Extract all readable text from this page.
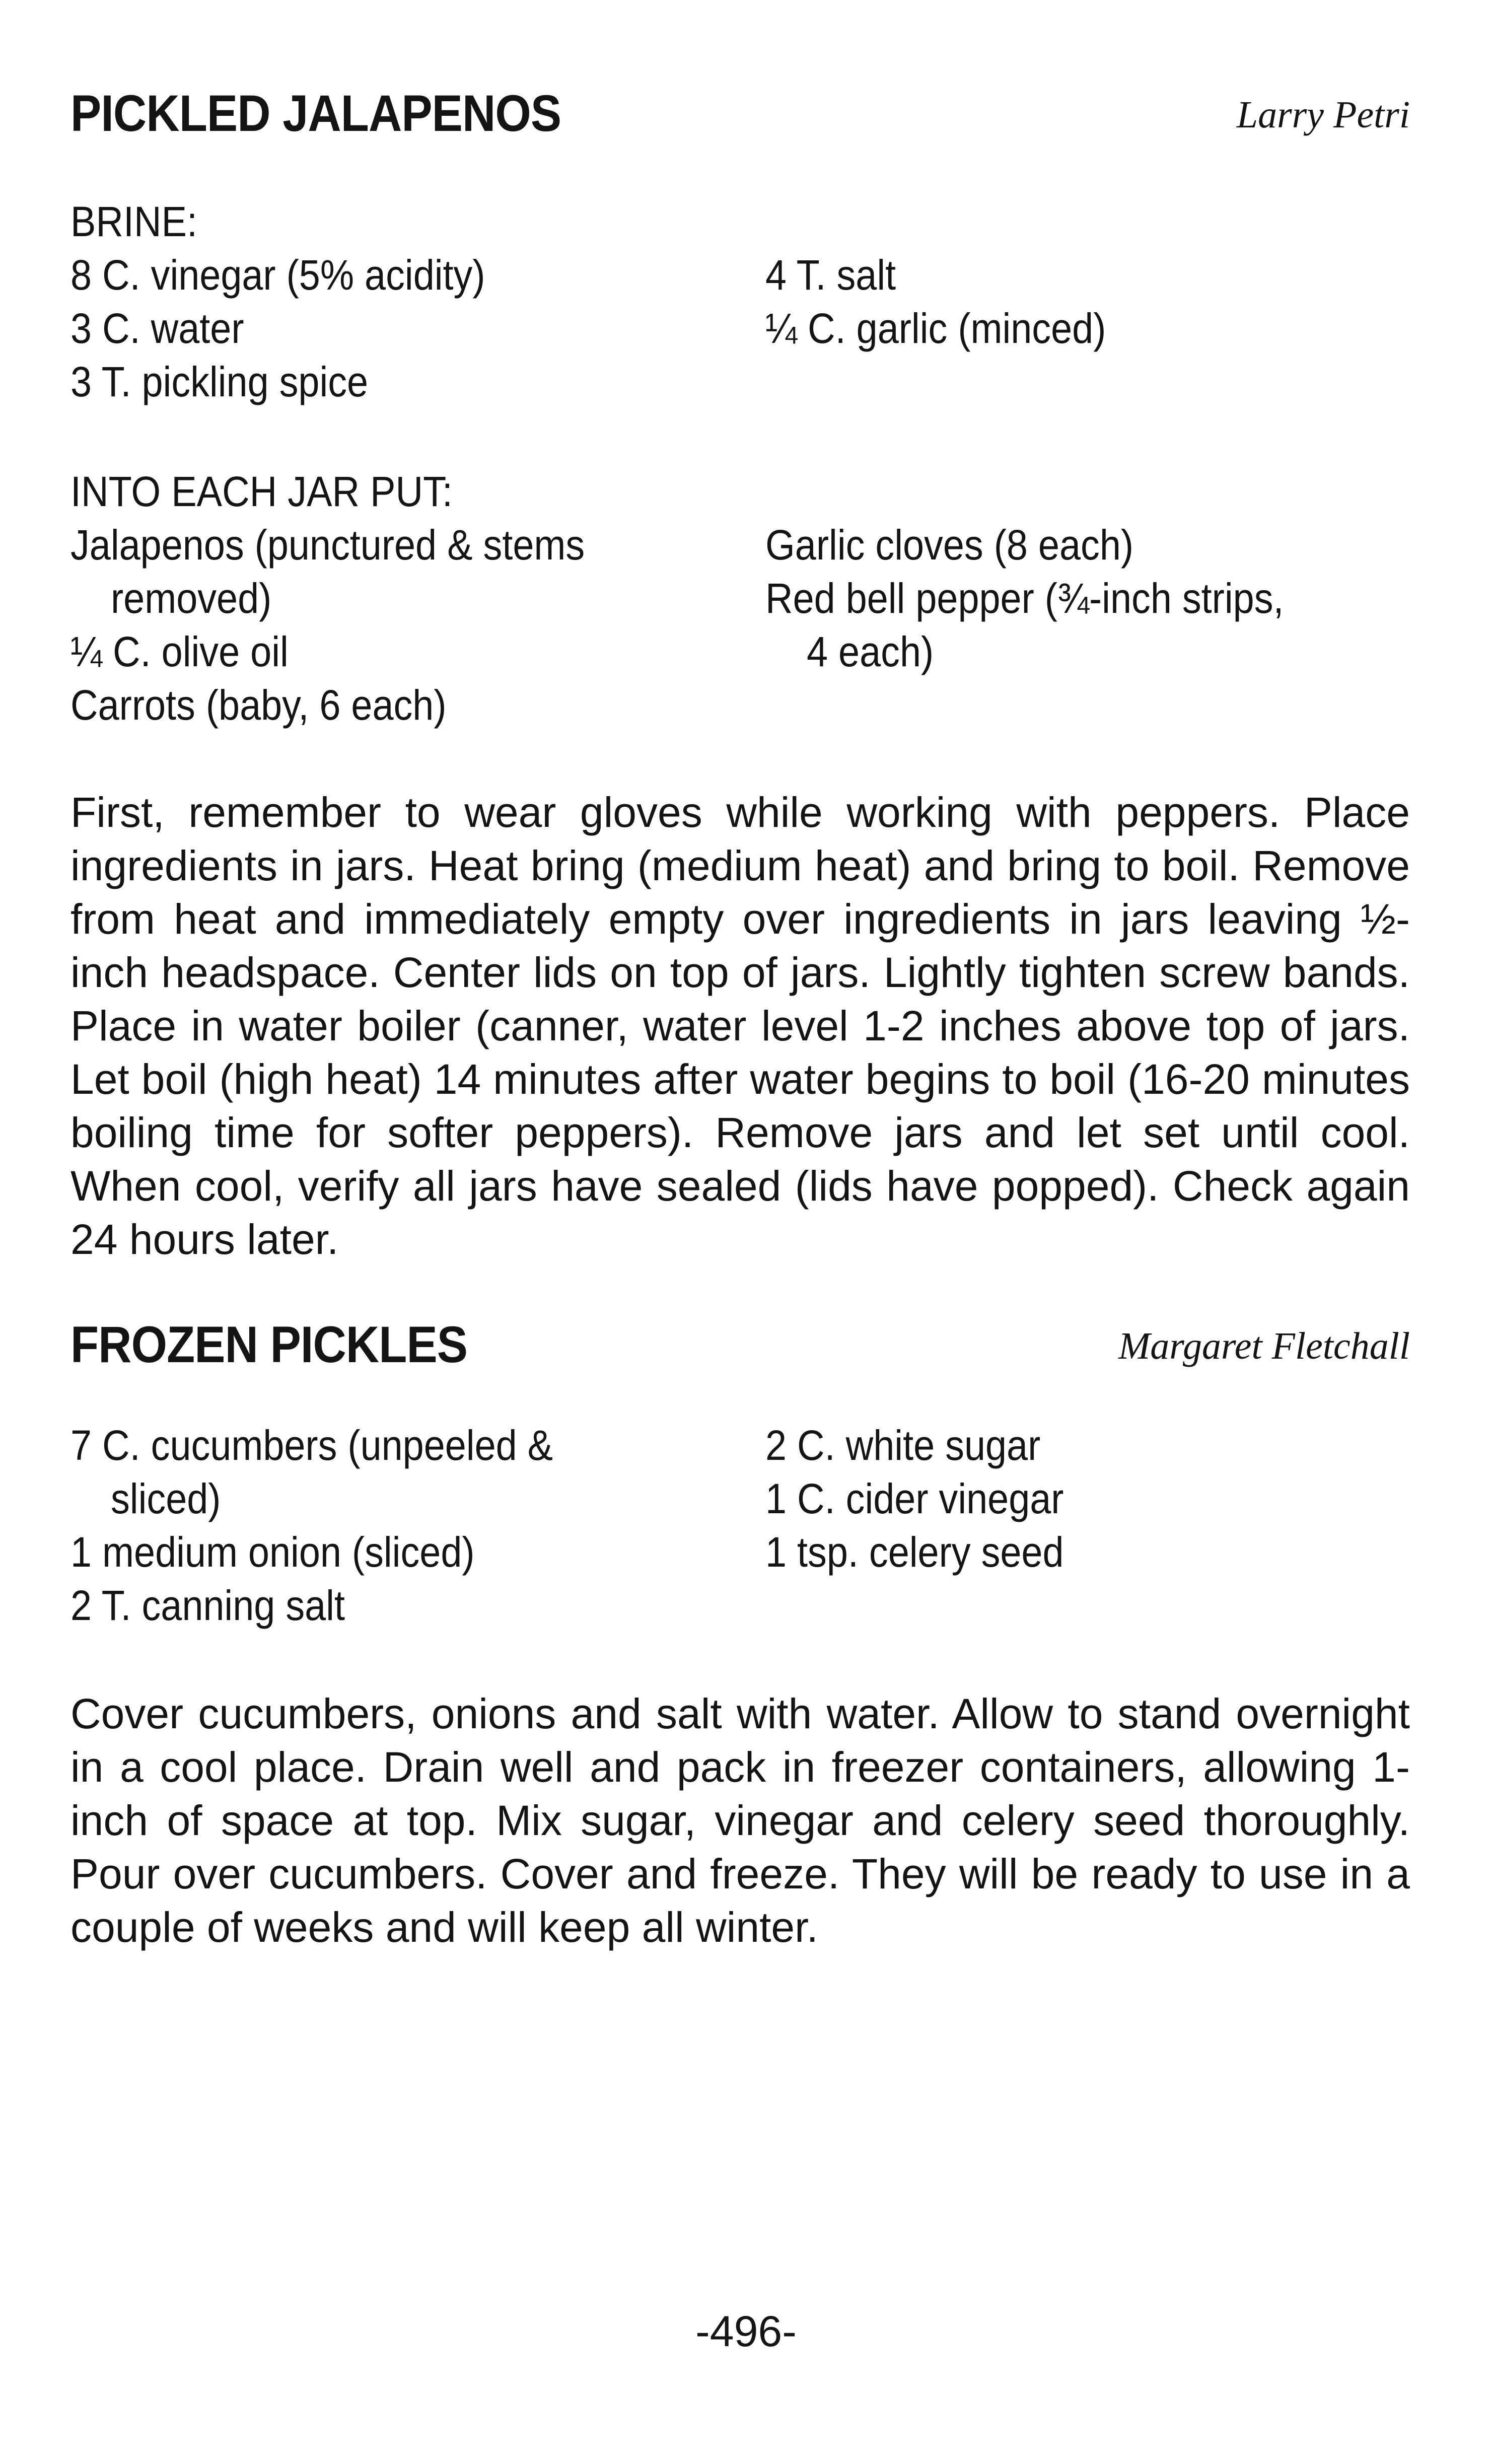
PICKLED JALAPENOS	Larry Petri
BRINE:
8 C. vinegar (5% acidity)
3 C. water
3 T. pickling spice
4 T. salt
¼ C. garlic (minced)
INTO EACH JAR PUT:
Jalapenos (punctured & stems
removed)
¼ C. olive oil
Carrots (baby, 6 each)
Garlic cloves (8 each)
Red bell pepper (¾-inch strips,
4 each)
First, remember to wear gloves while working with peppers. Place ingredients in jars. Heat bring (medium heat) and bring to boil. Remove from heat and immediately empty over ingredients in jars leaving ½-inch headspace. Center lids on top of jars. Lightly tighten screw bands. Place in water boiler (canner, water level 1-2 inches above top of jars. Let boil (high heat) 14 minutes after water begins to boil (16-20 minutes boiling time for softer peppers). Remove jars and let set until cool. When cool, verify all jars have sealed (lids have popped). Check again 24 hours later.
FROZEN PICKLES	Margaret Fletchall
7 C. cucumbers (unpeeled &
sliced)
1 medium onion (sliced)
2 T. canning salt
2 C. white sugar
1 C. cider vinegar
1 tsp. celery seed
Cover cucumbers, onions and salt with water. Allow to stand overnight in a cool place. Drain well and pack in freezer containers, allowing 1-inch of space at top. Mix sugar, vinegar and celery seed thoroughly. Pour over cucumbers. Cover and freeze. They will be ready to use in a couple of weeks and will keep all winter.
-496-
